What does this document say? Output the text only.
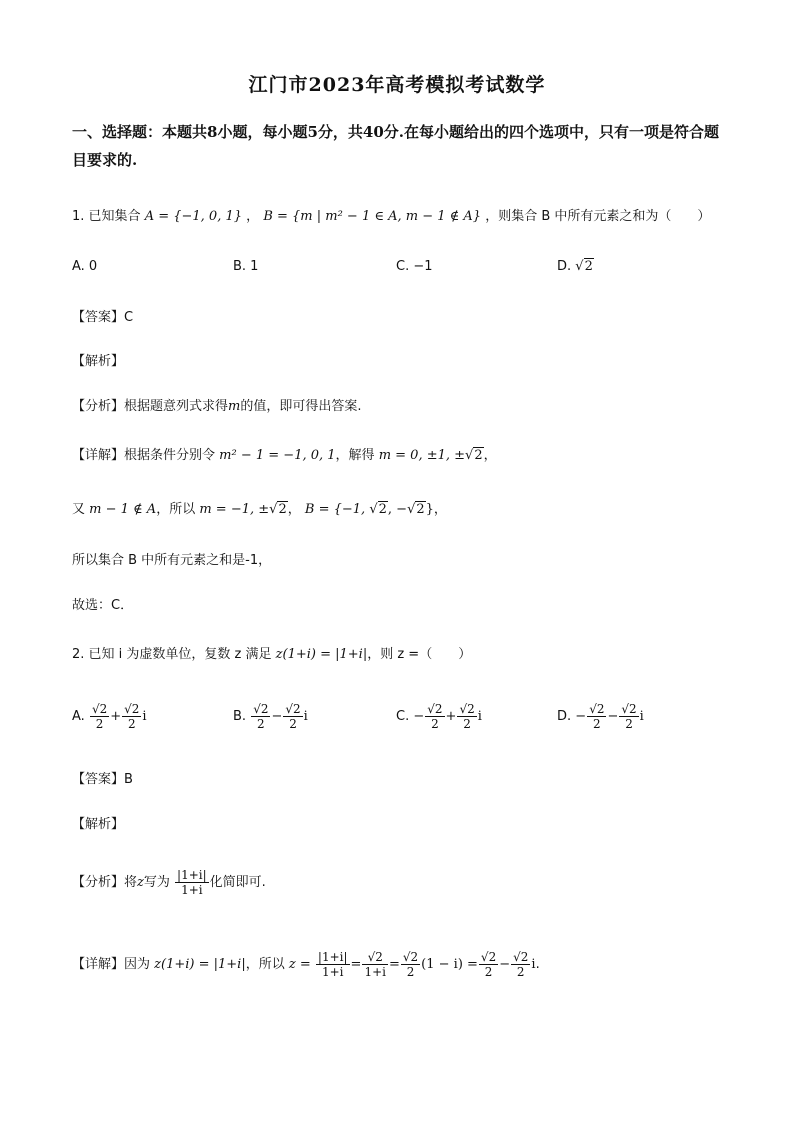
江门市2023年高考模拟考试数学
一、选择题：本题共8小题，每小题5分，共40分.在每小题给出的四个选项中，只有一项是符合题目要求的.
1. 已知集合 A = {−1, 0, 1} ， B = {m | m² − 1 ∈ A, m − 1 ∉ A} ，则集合 B 中所有元素之和为（　　）
A. 0	B. 1	C. −1	D. √2
【答案】C
【解析】
【分析】根据题意列式求得m的值，即可得出答案.
【详解】根据条件分别令 m² − 1 = −1, 0, 1，解得 m = 0, ±1, ±√2，
又 m − 1 ∉ A，所以 m = −1, ±√2， B = {−1, √2, −√2}，
所以集合 B 中所有元素之和是-1，
故选：C．
2. 已知 i 为虚数单位，复数 z 满足 z(1+i) = |1+i|，则 z =（　　）
A. $\frac{√2}{2} + \frac{√2}{2}$ i	B. $\frac{√2}{2} - \frac{√2}{2}$ i	C. − $\frac{√2}{2} + \frac{√2}{2}$ i	D. − $\frac{√2}{2} - \frac{√2}{2}$ i
【答案】B
【解析】
【分析】将z写为 $\frac{|1+i|}{1+i}$ 化简即可.
【详解】因为 z(1+i) = |1+i|，所以 $z = \frac{|1+i|}{1+i} = \frac{√2}{1+i} = \frac{√2}{2} (1 - i) = \frac{√2}{2} - \frac{√2}{2} i$.
